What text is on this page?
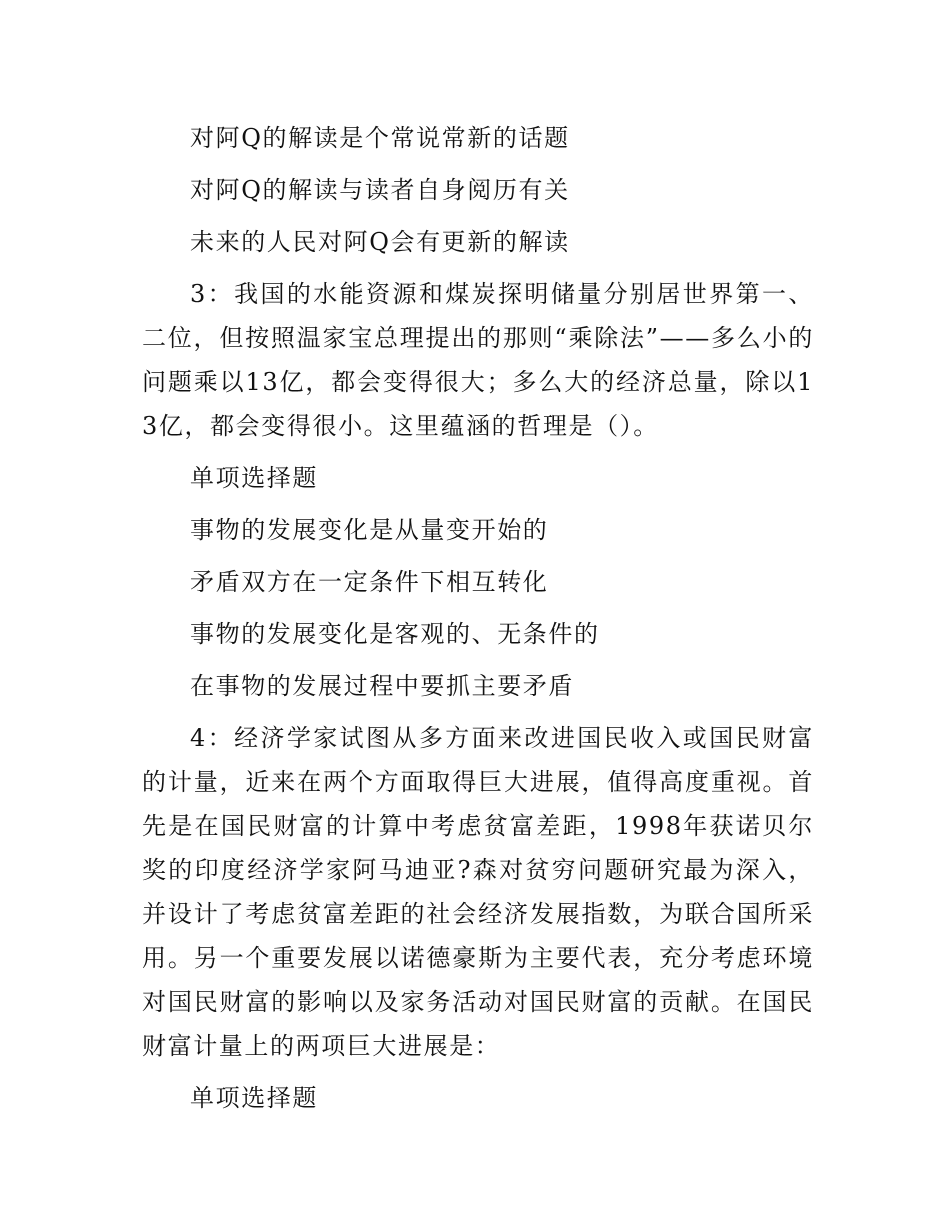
对阿Q的解读是个常说常新的话题

对阿Q的解读与读者自身阅历有关

未来的人民对阿Q会有更新的解读

3：我国的水能资源和煤炭探明储量分别居世界第一、二位，但按照温家宝总理提出的那则“乘除法”——多么小的问题乘以13亿，都会变得很大；多么大的经济总量，除以13亿，都会变得很小。这里蕴涵的哲理是（）。

单项选择题

事物的发展变化是从量变开始的

矛盾双方在一定条件下相互转化

事物的发展变化是客观的、无条件的

在事物的发展过程中要抓主要矛盾

4：经济学家试图从多方面来改进国民收入或国民财富的计量，近来在两个方面取得巨大进展，值得高度重视。首先是在国民财富的计算中考虑贫富差距，1998年获诺贝尔奖的印度经济学家阿马迪亚?森对贫穷问题研究最为深入，并设计了考虑贫富差距的社会经济发展指数，为联合国所采用。另一个重要发展以诺德豪斯为主要代表，充分考虑环境对国民财富的影响以及家务活动对国民财富的贡献。在国民财富计量上的两项巨大进展是：

单项选择题
